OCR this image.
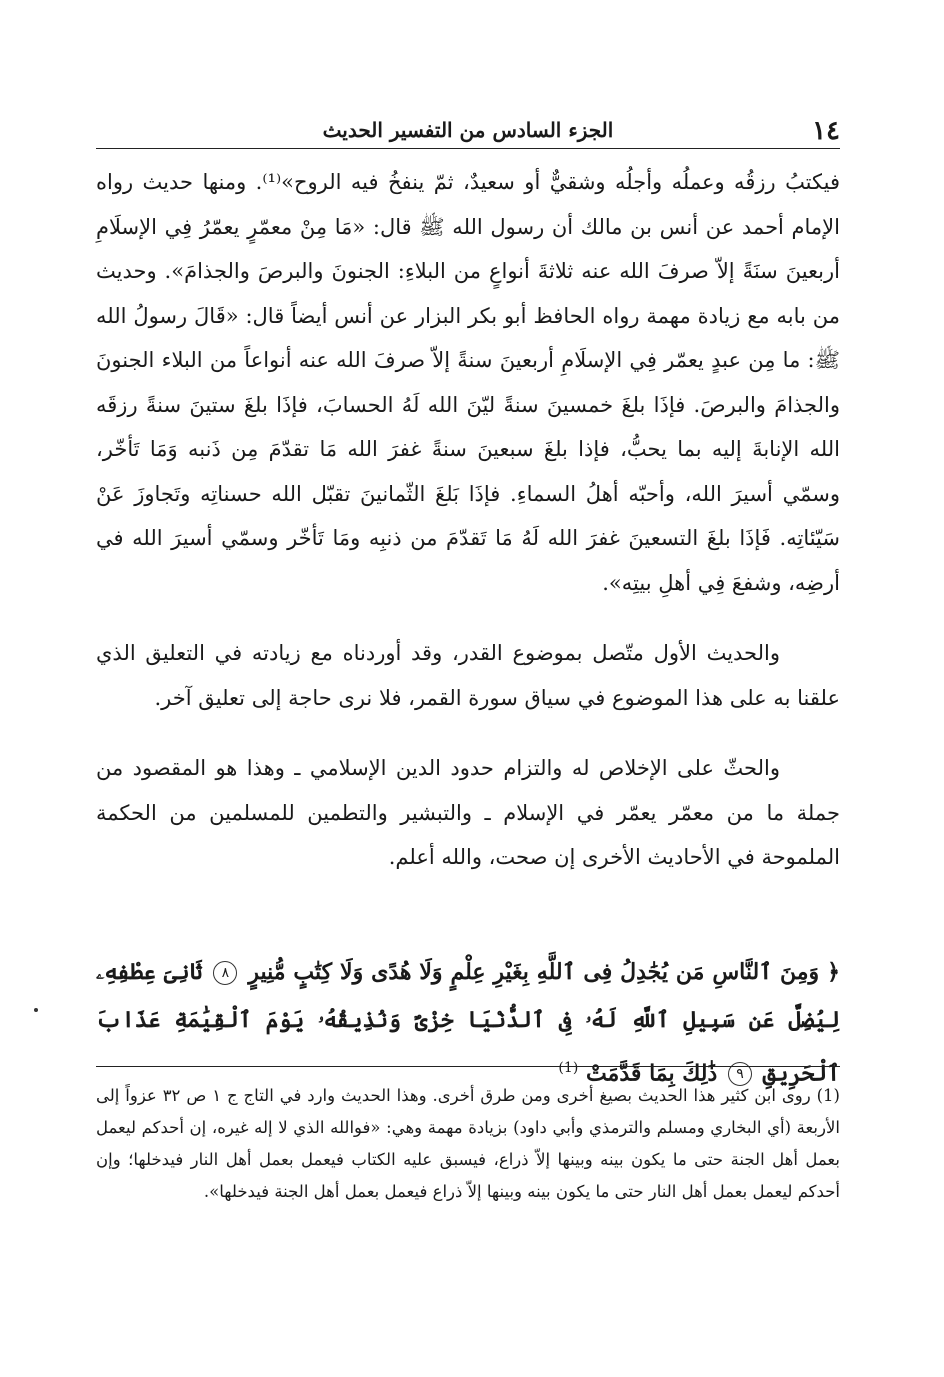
١٤
الجزء السادس من التفسير الحديث

فيكتبُ رزقُه وعملُه وأجلُه وشقيٌّ أو سعيدٌ، ثمّ ينفخُ فيه الروح»⁽¹⁾. ومنها حديث رواه الإمام أحمد عن أنس بن مالك أن رسول الله ﷺ قال: «مَا مِنْ معمّرٍ يعمّرُ فِي الإسلَامِ أربعينَ سنَةً إلاّ صرفَ الله عنه ثلاثةَ أنواعٍ من البلاءِ: الجنونَ والبرصَ والجذامَ». وحديث من بابه مع زيادة مهمة رواه الحافظ أبو بكر البزار عن أنس أيضاً قال: «قَالَ رسولُ الله ﷺ: ما مِن عبدٍ يعمّر فِي الإسلَامِ أربعينَ سنةً إلاّ صرفَ الله عنه أنواعاً من البلاء الجنونَ والجذامَ والبرصَ. فإذَا بلغَ خمسينَ سنةً ليّنَ الله لَهُ الحسابَ، فإذَا بلغَ ستينَ سنةً رزقَه الله الإنابةَ إليه بما يحبُّ، فإذا بلغَ سبعينَ سنةً غفرَ الله مَا تقدّمَ مِن ذَنبه وَمَا تَأخّر، وسمّي أسيرَ الله، وأحبّه أهلُ السماءِ. فإذَا بَلغَ الثّمانينَ تقبّل الله حسناتِه وتَجاوزَ عَنْ سَيّئاتِه. فَإذَا بلغَ التسعينَ غفرَ الله لَهُ مَا تَقدّمَ من ذنبِه ومَا تَأخّر وسمّي أسيرَ الله في أرضِه، وشفعَ فِي أهلِ بيتِه».

والحديث الأول متّصل بموضوع القدر، وقد أوردناه مع زيادته في التعليق الذي علقنا به على هذا الموضوع في سياق سورة القمر، فلا نرى حاجة إلى تعليق آخر.

والحثّ على الإخلاص له والتزام حدود الدين الإسلامي ـ وهذا هو المقصود من جملة ما من معمّر يعمّر في الإسلام ـ والتبشير والتطمين للمسلمين من الحكمة الملموحة في الأحاديث الأخرى إن صحت، والله أعلم.

﴿ وَمِنَ ٱلنَّاسِ مَن يُجَٰدِلُ فِى ٱللَّهِ بِغَيْرِ عِلْمٍ وَلَا هُدًى وَلَا كِتَٰبٍ مُّنِيرٍ ٨ ثَانِىَ عِطْفِهِۦ لِيُضِلَّ عَن سَبِيلِ ٱللَّهِ لَهُۥ فِى ٱلدُّنْيَا خِزْىٌ وَنُذِيقُهُۥ يَوْمَ ٱلْقِيَٰمَةِ عَذَابَ ٱلْحَرِيقِ ٩ ذَٰلِكَ بِمَا قَدَّمَتْ $^{(1)}$
(1) روى ابن كثير هذا الحديث بصيغ أخرى ومن طرق أخرى. وهذا الحديث وارد في التاج ج ١ ص ٣٢ عزواً إلى الأربعة (أي البخاري ومسلم والترمذي وأبي داود) بزيادة مهمة وهي: «فوالله الذي لا إله غيره، إن أحدكم ليعمل بعمل أهل الجنة حتى ما يكون بينه وبينها إلاّ ذراع، فيسبق عليه الكتاب فيعمل بعمل أهل النار فيدخلها؛ وإن أحدكم ليعمل بعمل أهل النار حتى ما يكون بينه وبينها إلاّ ذراع فيعمل بعمل أهل الجنة فيدخلها».
